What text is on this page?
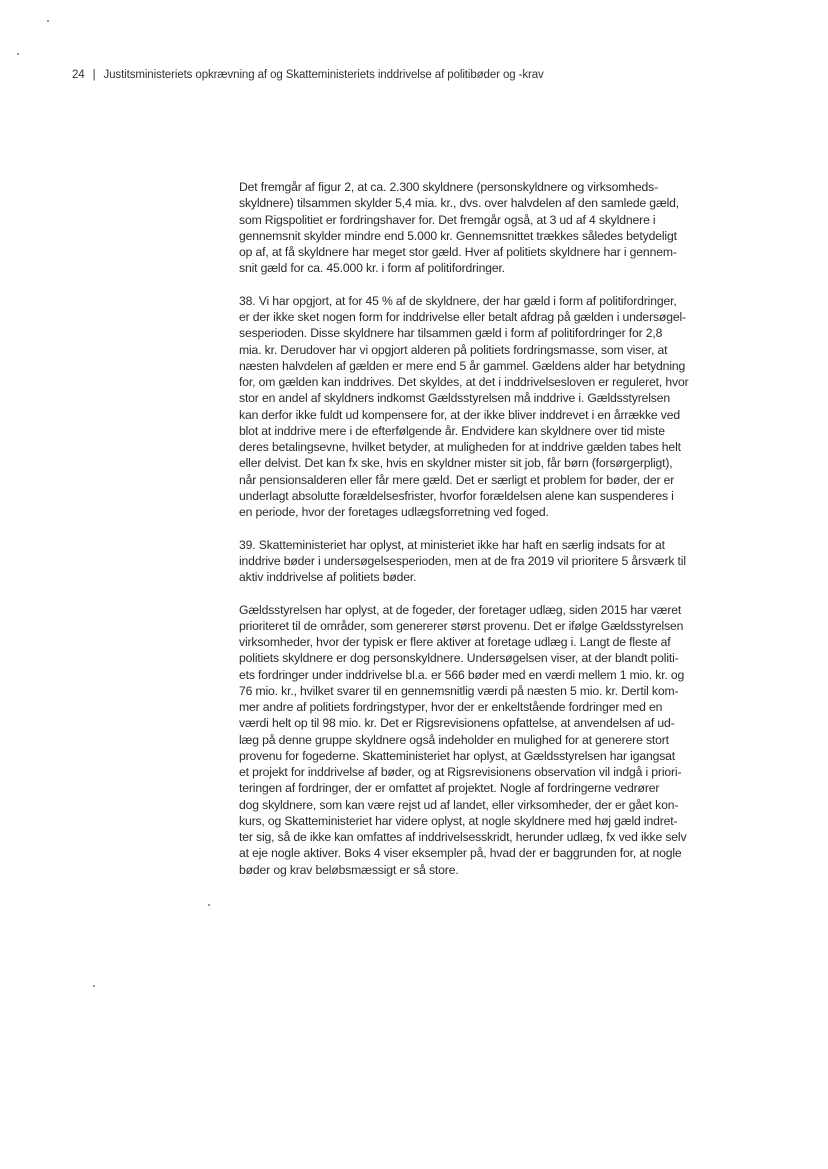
24 | Justitsministeriets opkrævning af og Skatteministeriets inddrivelse af politibøder og -krav

Det fremgår af figur 2, at ca. 2.300 skyldnere (personskyldnere og virksomheds-
skyldnere) tilsammen skylder 5,4 mia. kr., dvs. over halvdelen af den samlede gæld,
som Rigspolitiet er fordringshaver for. Det fremgår også, at 3 ud af 4 skyldnere i
gennemsnit skylder mindre end 5.000 kr. Gennemsnittet trækkes således betydeligt
op af, at få skyldnere har meget stor gæld. Hver af politiets skyldnere har i gennem-
snit gæld for ca. 45.000 kr. i form af politifordringer.

38. Vi har opgjort, at for 45 % af de skyldnere, der har gæld i form af politifordringer,
er der ikke sket nogen form for inddrivelse eller betalt afdrag på gælden i undersøgel-
sesperioden. Disse skyldnere har tilsammen gæld i form af politifordringer for 2,8
mia. kr. Derudover har vi opgjort alderen på politiets fordringsmasse, som viser, at
næsten halvdelen af gælden er mere end 5 år gammel. Gældens alder har betydning
for, om gælden kan inddrives. Det skyldes, at det i inddrivelsesloven er reguleret, hvor
stor en andel af skyldners indkomst Gældsstyrelsen må inddrive i. Gældsstyrelsen
kan derfor ikke fuldt ud kompensere for, at der ikke bliver inddrevet i en årrække ved
blot at inddrive mere i de efterfølgende år. Endvidere kan skyldnere over tid miste
deres betalingsevne, hvilket betyder, at muligheden for at inddrive gælden tabes helt
eller delvist. Det kan fx ske, hvis en skyldner mister sit job, får børn (forsørgerpligt),
når pensionsalderen eller får mere gæld. Det er særligt et problem for bøder, der er
underlagt absolutte forældelsesfrister, hvorfor forældelsen alene kan suspenderes i
en periode, hvor der foretages udlægsforretning ved foged.

39. Skatteministeriet har oplyst, at ministeriet ikke har haft en særlig indsats for at
inddrive bøder i undersøgelsesperioden, men at de fra 2019 vil prioritere 5 årsværk til
aktiv inddrivelse af politiets bøder.

Gældsstyrelsen har oplyst, at de fogeder, der foretager udlæg, siden 2015 har været
prioriteret til de områder, som genererer størst provenu. Det er ifølge Gældsstyrelsen
virksomheder, hvor der typisk er flere aktiver at foretage udlæg i. Langt de fleste af
politiets skyldnere er dog personskyldnere. Undersøgelsen viser, at der blandt politi-
ets fordringer under inddrivelse bl.a. er 566 bøder med en værdi mellem 1 mio. kr. og
76 mio. kr., hvilket svarer til en gennemsnitlig værdi på næsten 5 mio. kr. Dertil kom-
mer andre af politiets fordringstyper, hvor der er enkeltstående fordringer med en
værdi helt op til 98 mio. kr. Det er Rigsrevisionens opfattelse, at anvendelsen af ud-
læg på denne gruppe skyldnere også indeholder en mulighed for at generere stort
provenu for fogederne. Skatteministeriet har oplyst, at Gældsstyrelsen har igangsat
et projekt for inddrivelse af bøder, og at Rigsrevisionens observation vil indgå i priori-
teringen af fordringer, der er omfattet af projektet. Nogle af fordringerne vedrører
dog skyldnere, som kan være rejst ud af landet, eller virksomheder, der er gået kon-
kurs, og Skatteministeriet har videre oplyst, at nogle skyldnere med høj gæld indret-
ter sig, så de ikke kan omfattes af inddrivelsesskridt, herunder udlæg, fx ved ikke selv
at eje nogle aktiver. Boks 4 viser eksempler på, hvad der er baggrunden for, at nogle
bøder og krav beløbsmæssigt er så store.
